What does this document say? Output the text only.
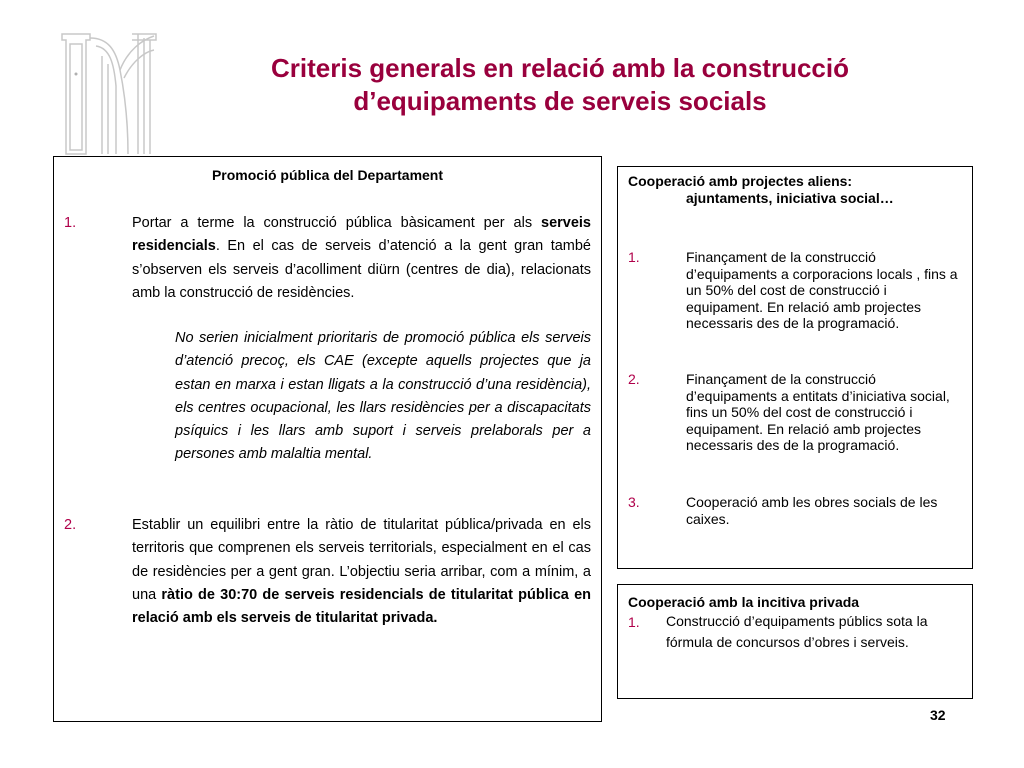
Criteris generals en relació amb la construcció
d’equipaments de serveis socials
Promoció pública del Departament
1.	Portar a terme la construcció pública bàsicament per als serveis residencials. En el cas de serveis d’atenció a la gent gran també s’observen els serveis d’acolliment diürn (centres de dia), relacionats amb la construcció de residències.
No serien inicialment prioritaris de promoció pública els serveis d’atenció precoç, els CAE (excepte aquells projectes que ja estan en marxa i estan lligats a la construcció d’una residència), els centres ocupacional, les llars residències per a discapacitats psíquics i les llars amb suport i serveis prelaborals per a persones amb malaltia mental.
2.	Establir un equilibri entre la ràtio de titularitat pública/privada en els territoris que comprenen els serveis territorials, especialment en el cas de residències per a gent gran. L’objectiu seria arribar, com a mínim, a una ràtio de 30:70 de serveis residencials de titularitat pública en relació amb els serveis de titularitat privada.
Cooperació amb projectes aliens:
ajuntaments, iniciativa social…
1.	Finançament de la construcció d’equipaments a corporacions locals , fins a un 50% del cost de construcció i equipament. En relació amb projectes necessaris des de la programació.
2.	Finançament de la construcció d’equipaments a entitats d’iniciativa social, fins un 50% del cost de construcció i equipament. En relació amb projectes necessaris des de la programació.
3.	Cooperació amb les obres socials de les caixes.
Cooperació amb la incitiva privada
1. Construcció d’equipaments públics sota la fórmula de concursos d’obres i serveis.
32
